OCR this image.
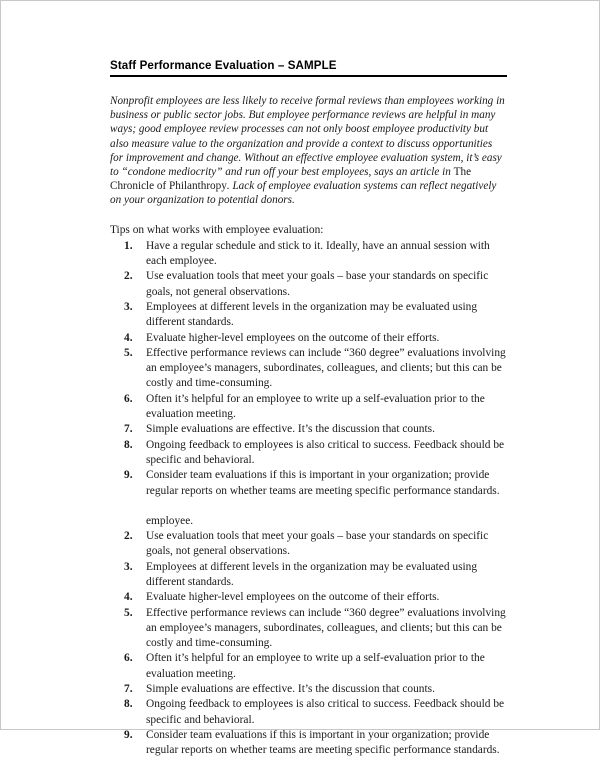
Staff Performance Evaluation – SAMPLE

Nonprofit employees are less likely to receive formal reviews than employees working in business or public sector jobs. But employee performance reviews are helpful in many ways; good employee review processes can not only boost employee productivity but also measure value to the organization and provide a context to discuss opportunities for improvement and change. Without an effective employee evaluation system, it’s easy to “condone mediocrity” and run off your best employees, says an article in The Chronicle of Philanthropy. Lack of employee evaluation systems can reflect negatively on your organization to potential donors.

Tips on what works with employee evaluation:

1.	Have a regular schedule and stick to it. Ideally, have an annual session with each employee.
2.	Use evaluation tools that meet your goals – base your standards on specific goals, not general observations.
3.	Employees at different levels in the organization may be evaluated using different standards.
4.	Evaluate higher-level employees on the outcome of their efforts.
5.	Effective performance reviews can include “360 degree” evaluations involving an employee’s managers, subordinates, colleagues, and clients; but this can be costly and time-consuming.
6.	Often it’s helpful for an employee to write up a self-evaluation prior to the evaluation meeting.
7.	Simple evaluations are effective. It’s the discussion that counts.
8.	Ongoing feedback to employees is also critical to success. Feedback should be specific and behavioral.
9.	Consider team evaluations if this is important in your organization; provide regular reports on whether teams are meeting specific performance standards.
employee.
2.	Use evaluation tools that meet your goals – base your standards on specific goals, not general observations.
3.	Employees at different levels in the organization may be evaluated using different standards.
4.	Evaluate higher-level employees on the outcome of their efforts.
5.	Effective performance reviews can include “360 degree” evaluations involving an employee’s managers, subordinates, colleagues, and clients; but this can be costly and time-consuming.
6.	Often it’s helpful for an employee to write up a self-evaluation prior to the evaluation meeting.
7.	Simple evaluations are effective. It’s the discussion that counts.
8.	Ongoing feedback to employees is also critical to success. Feedback should be specific and behavioral.
9.	Consider team evaluations if this is important in your organization; provide regular reports on whether teams are meeting specific performance standards.
